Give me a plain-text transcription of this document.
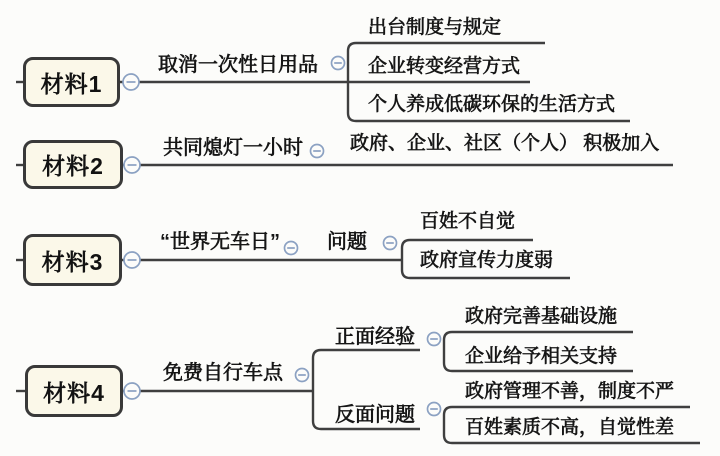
材料1
材料2
材料3
材料4
取消一次性日用品
出台制度与规定
企业转变经营方式
个人养成低碳环保的生活方式
共同熄灯一小时 政府、企业、社区（个人） 积极加入
“世界无车日” 问题
百姓不自觉
政府宣传力度弱
免费自行车点
正面经验
反面问题
政府完善基础设施
企业给予相关支持
政府管理不善，制度不严
百姓素质不高，自觉性差
